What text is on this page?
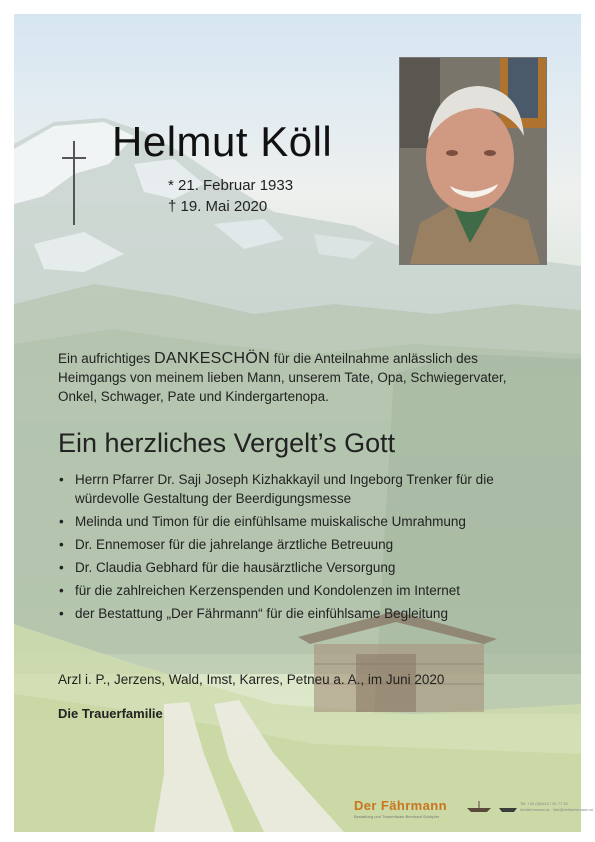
Helmut Köll
* 21. Februar 1933
† 19. Mai 2020
Ein aufrichtiges DANKESCHÖN für die Anteilnahme anlässlich des Heimgangs von meinem lieben Mann, unserem Tate, Opa, Schwiegervater, Onkel, Schwager, Pate und Kindergartenopa.
Ein herzliches Vergelt’s Gott
• Herrn Pfarrer Dr. Saji Joseph Kizhakkayil und Ingeborg Trenker für die würdevolle Gestaltung der Beerdigungsmesse
• Melinda und Timon für die einfühlsame muiskalische Umrahmung
• Dr. Ennemoser für die jahrelange ärztliche Betreuung
• Dr. Claudia Gebhard für die hausärztliche Versorgung
• für die zahlreichen Kerzenspenden und Kondolenzen im Internet
• der Bestattung „Der Fährmann“ für die einfühlsame Begleitung
Arzl i. P., Jerzens, Wald, Imst, Karres, Petneu a. A., im Juni 2020
Die Trauerfamilie
Der Fährmann
Bestattung und Trauerrituale Bernhard Schöpfer
Tel. +43 (0)5412 / 61 77 62
derfaehrmann.at · info@derfaehrmann.at
